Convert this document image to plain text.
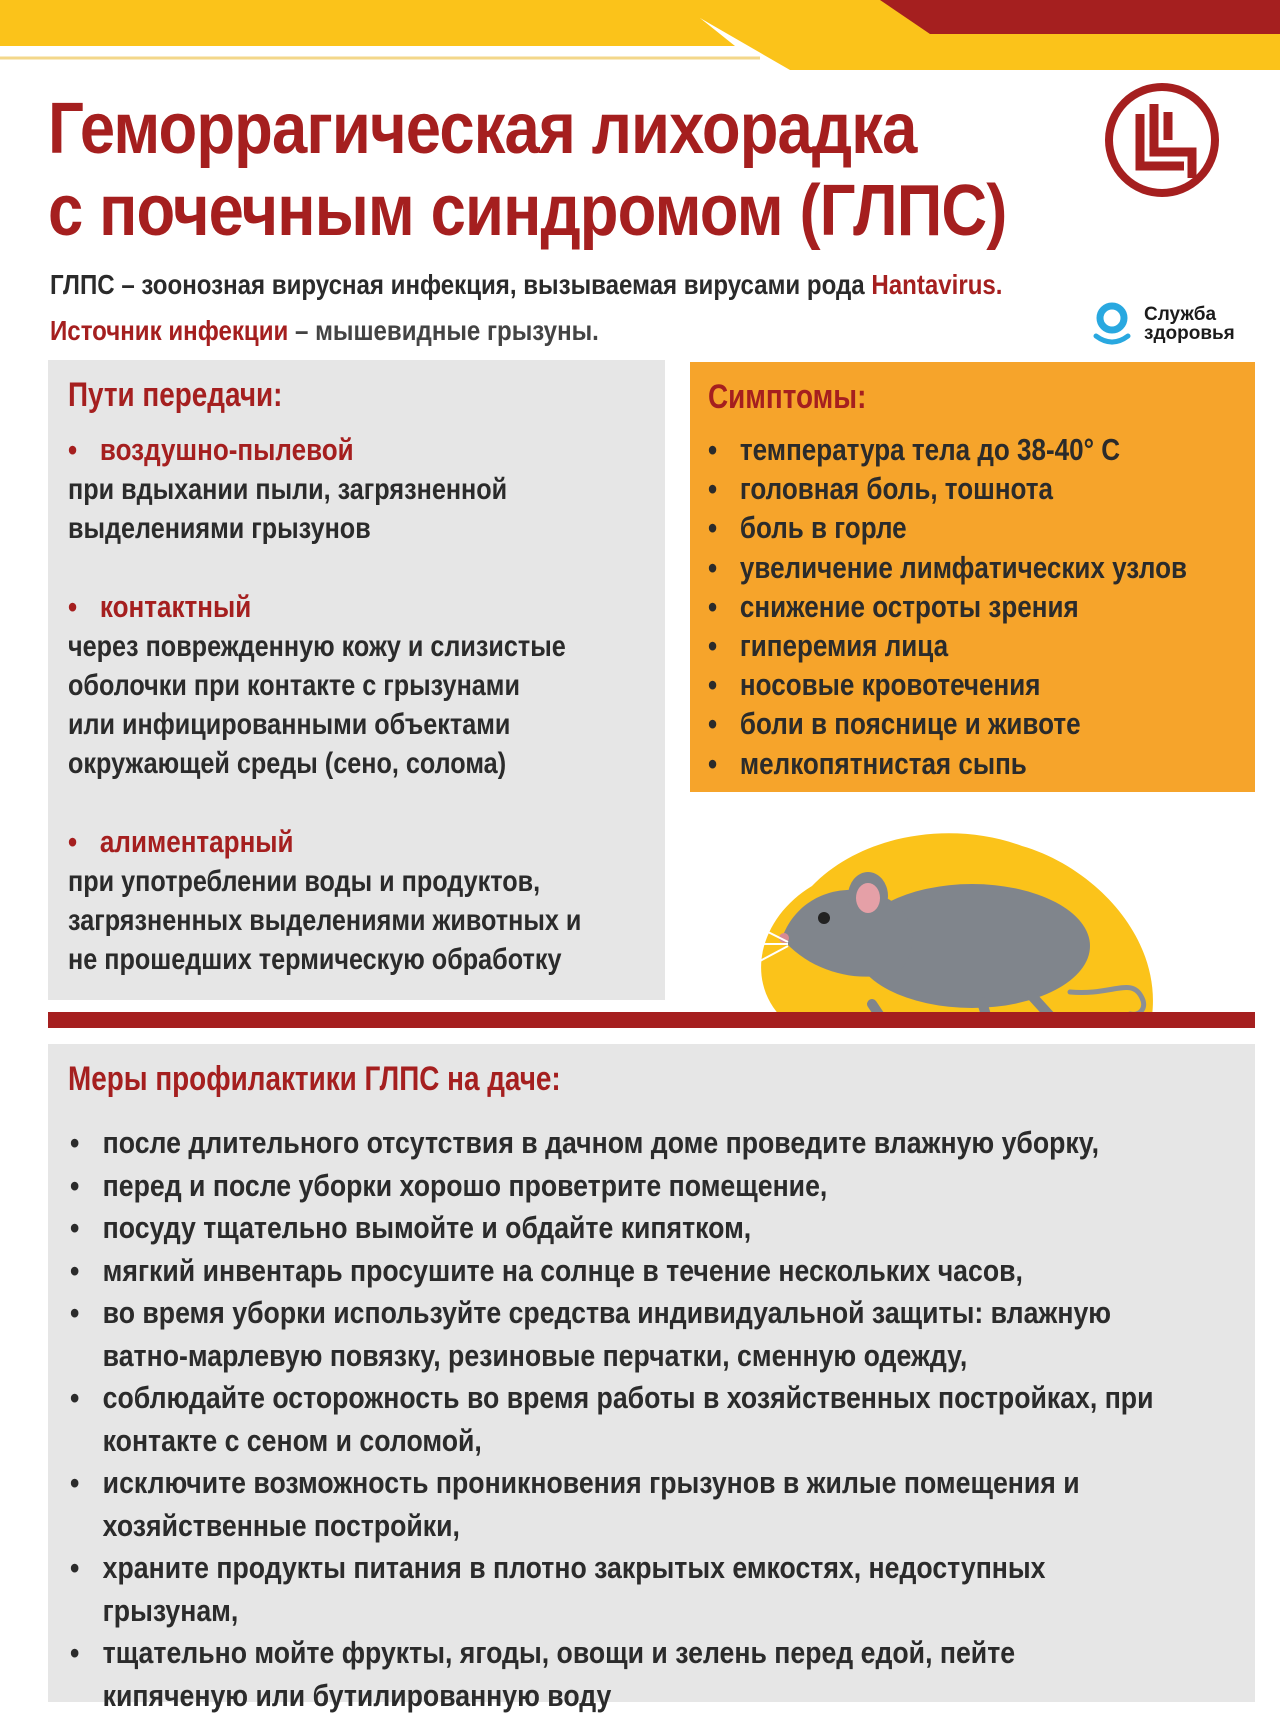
Геморрагическая лихорадка
с почечным синдромом (ГЛПС)
ГЛПС – зоонозная вирусная инфекция, вызываемая вирусами рода Hantavirus.
Источник инфекции – мышевидные грызуны.
Служба
здоровья
Пути передачи:
• воздушно-пылевой
при вдыхании пыли, загрязненной
выделениями грызунов
• контактный
через поврежденную кожу и слизистые
оболочки при контакте с грызунами
или инфицированными объектами
окружающей среды (сено, солома)
• алиментарный
при употреблении воды и продуктов,
загрязненных выделениями животных и
не прошедших термическую обработку
Симптомы:
• температура тела до 38-40° С
• головная боль, тошнота
• боль в горле
• увеличение лимфатических узлов
• снижение остроты зрения
• гиперемия лица
• носовые кровотечения
• боли в пояснице и животе
• мелкопятнистая сыпь
Меры профилактики ГЛПС на даче:
• после длительного отсутствия в дачном доме проведите влажную уборку,
• перед и после уборки хорошо проветрите помещение,
• посуду тщательно вымойте и обдайте кипятком,
• мягкий инвентарь просушите на солнце в течение нескольких часов,
• во время уборки используйте средства индивидуальной защиты: влажную
ватно-марлевую повязку, резиновые перчатки, сменную одежду,
• соблюдайте осторожность во время работы в хозяйственных постройках, при
контакте с сеном и соломой,
• исключите возможность проникновения грызунов в жилые помещения и
хозяйственные постройки,
• храните продукты питания в плотно закрытых емкостях, недоступных
грызунам,
• тщательно мойте фрукты, ягоды, овощи и зелень перед едой, пейте
кипяченую или бутилированную воду
